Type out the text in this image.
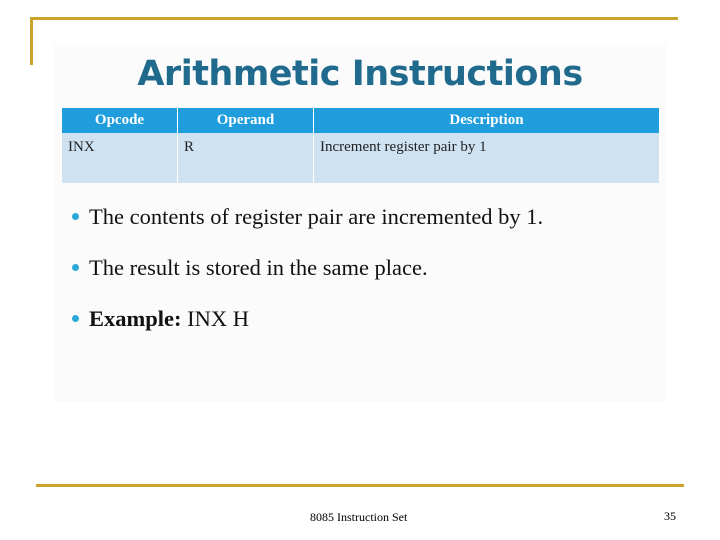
Arithmetic Instructions
Opcode	Operand	Description
INX	R	Increment register pair by 1
The contents of register pair are incremented by 1.
The result is stored in the same place.
Example: INX H
8085 Instruction Set	35
